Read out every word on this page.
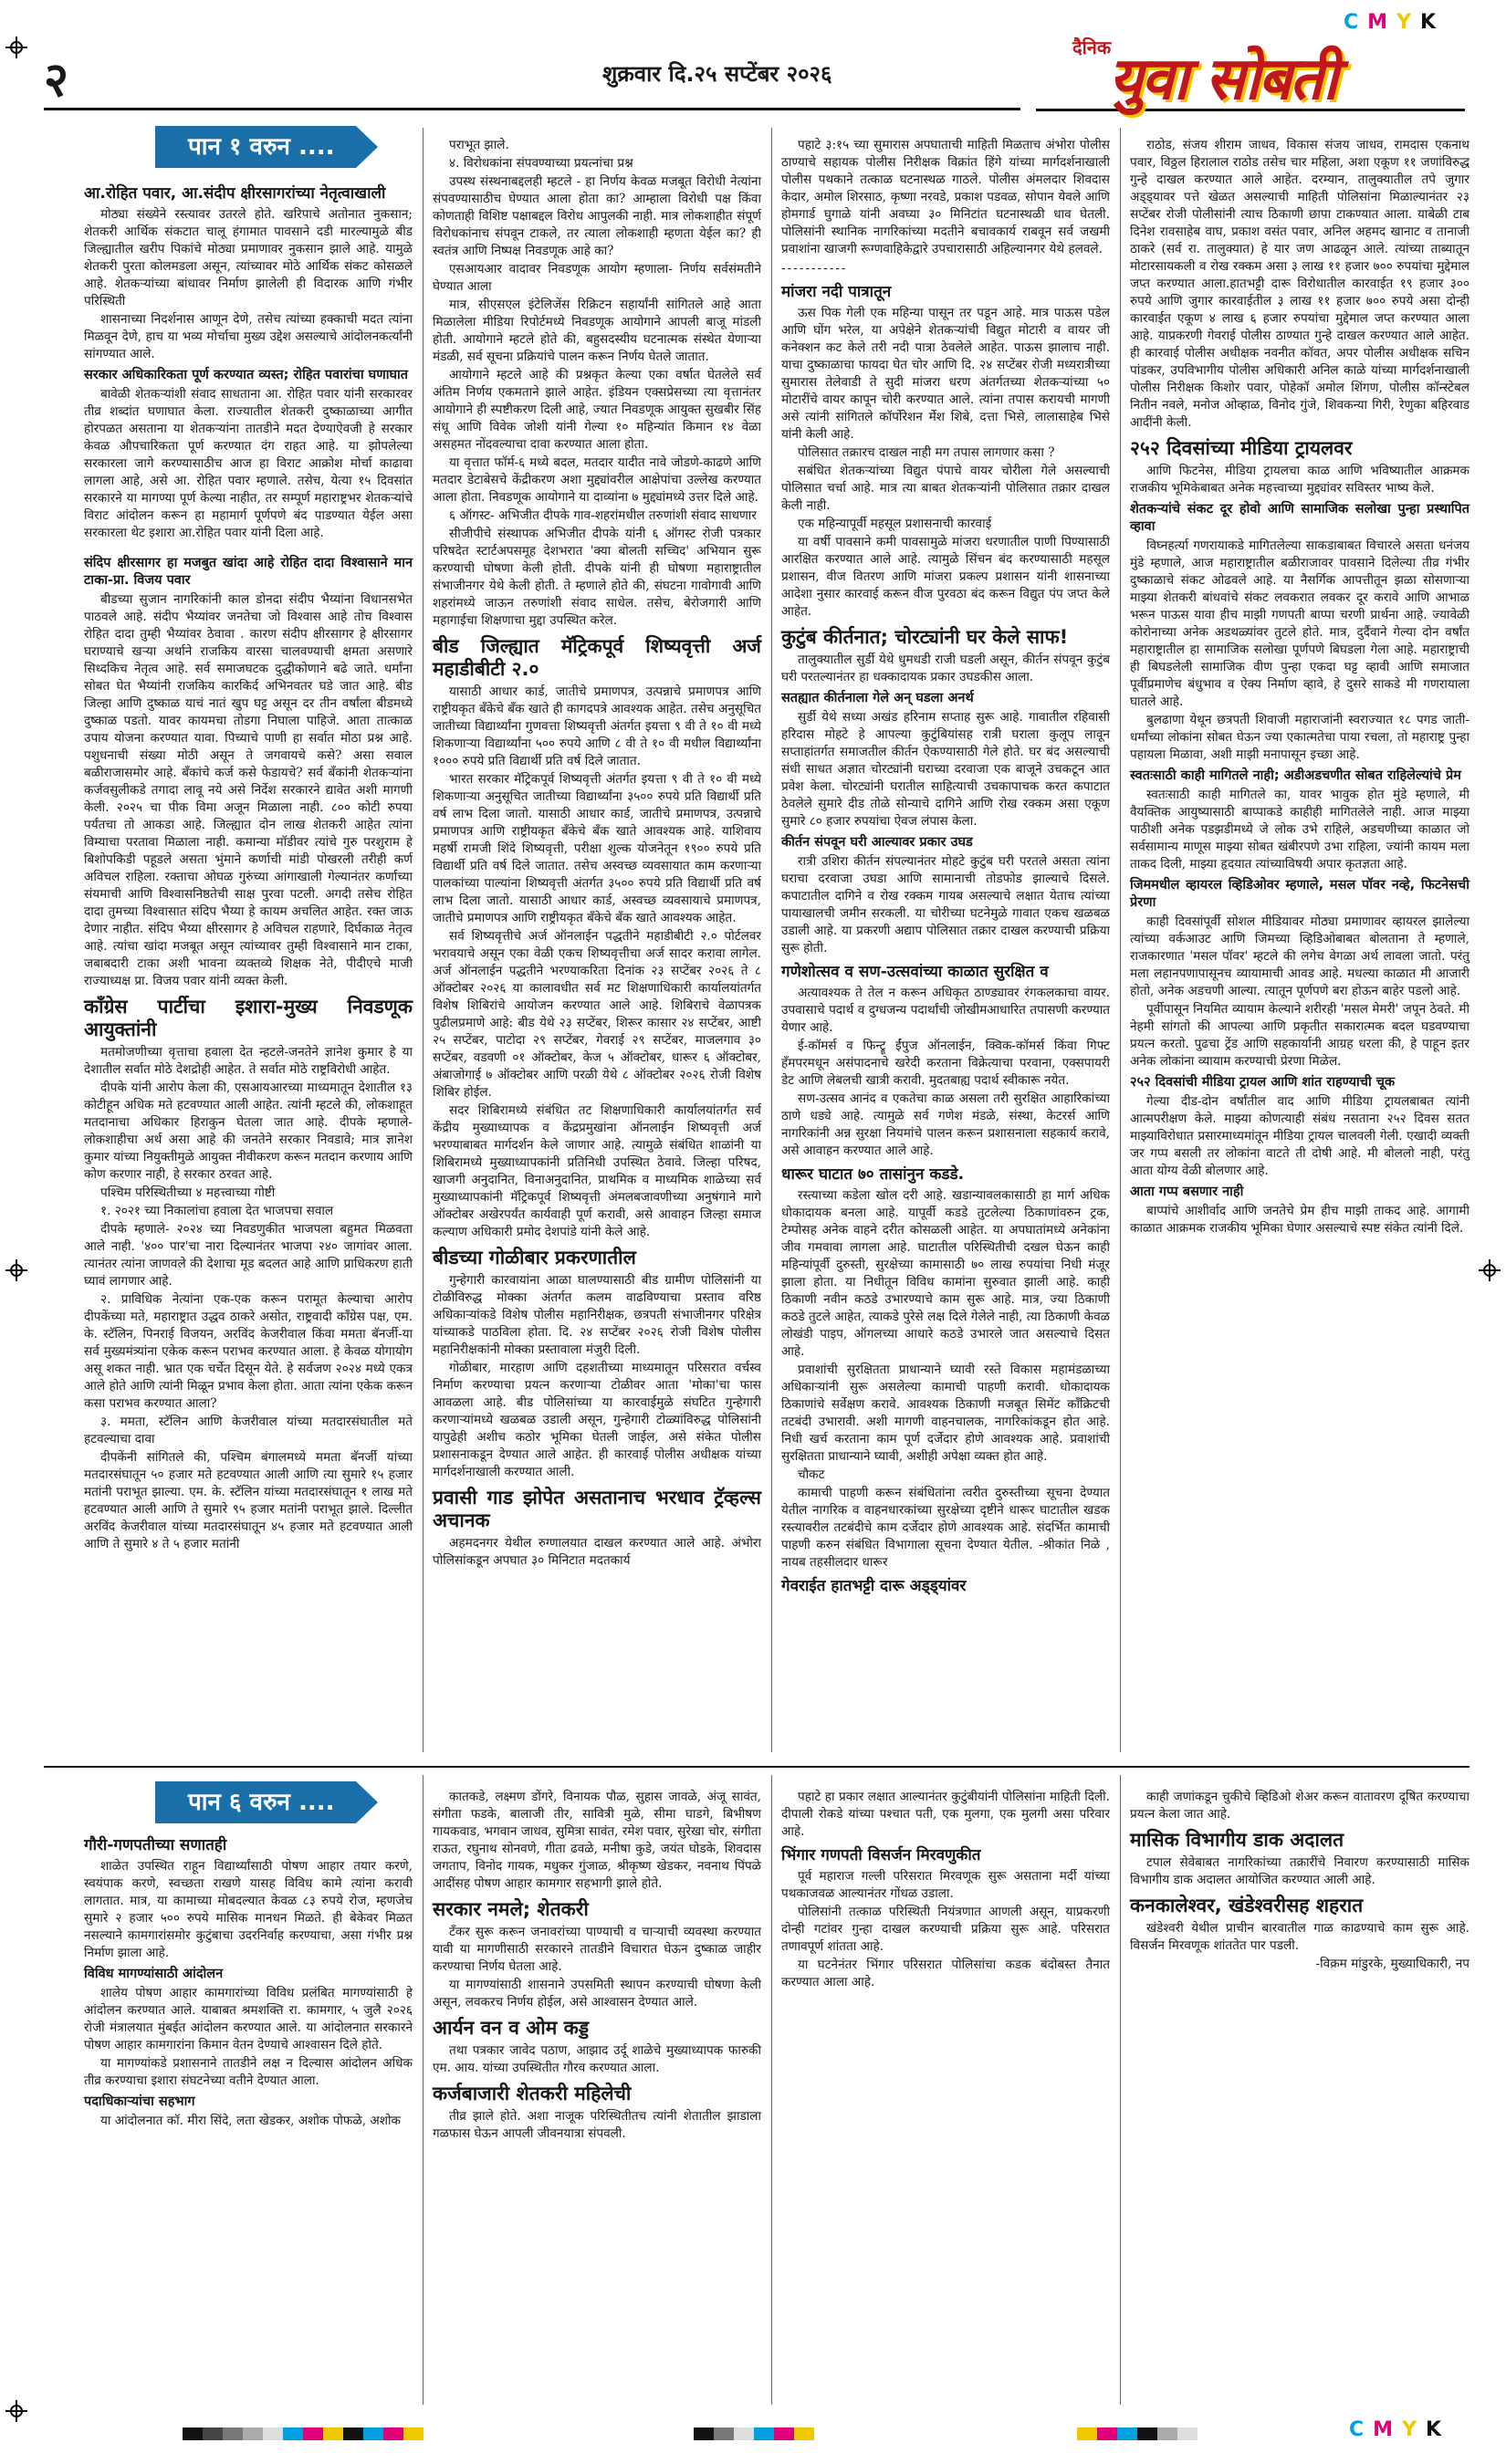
CMYK
CMYK
२	शुक्रवार दि.२५ सप्टेंबर २०२६
दैनिक
युवा सोबती
पान १ वरुन ....
आ.रोहित पवार, आ.संदीप क्षीरसागरांच्या नेतृत्वाखाली

मोठ्या संख्येने रस्त्यावर उतरले होते. खरिपाचे अतोनात नुकसान; शेतकरी आर्थिक संकटात चालू हंगामात पावसाने दडी मारल्यामुळे बीड जिल्ह्यातील खरीप पिकांचे मोठ्या प्रमाणावर नुकसान झाले आहे. यामुळे शेतकरी पुरता कोलमडला असून, त्यांच्यावर मोठे आर्थिक संकट कोसळले आहे. शेतकऱ्यांच्या बांधावर निर्माण झालेली ही विदारक आणि गंभीर परिस्थिती

शासनाच्या निदर्शनास आणून देणे, तसेच त्यांच्या हक्काची मदत त्यांना मिळवून देणे, हाच या भव्य मोर्चाचा मुख्य उद्देश असल्याचे आंदोलनकर्त्यांनी सांगण्यात आले.

सरकार अधिकारिकता पूर्ण करण्यात व्यस्त; रोहित पवारांचा घणाघात

बावेळी शेतकऱ्यांशी संवाद साधताना आ. रोहित पवार यांनी सरकारवर तीव्र शब्दांत घणाघात केला. राज्यातील शेतकरी दुष्काळाच्या आगीत होरपळत असताना या शेतकऱ्यांना तातडीने मदत देण्याऐवजी हे सरकार केवळ औपचारिकता पूर्ण करण्यात दंग राहत आहे. या झोपलेल्या सरकारला जागे करण्यासाठीच आज हा विराट आक्रोश मोर्चा काढावा लागला आहे, असे आ. रोहित पवार म्हणाले. तसेच, येत्या १५ दिवसांत सरकारने या मागण्या पूर्ण केल्या नाहीत, तर सम्पूर्ण महाराष्ट्रभर शेतकऱ्यांचे विराट आंदोलन करून हा महामार्ग पूर्णपणे बंद पाडण्यात येईल असा सरकारला थेट इशारा आ.रोहित पवार यांनी दिला आहे.

संदिप क्षीरसागर हा मजबुत खांदा आहे रोहित दादा विश्वासाने मान टाका-प्रा. विजय पवार

बीडच्या सुजान नागरिकांनी काल डोनदा संदीप भैय्यांना विधानसभेत पाठवले आहे. संदीप भैय्यांवर जनतेचा जो विश्वास आहे तोच विश्वास रोहित दादा तुम्ही भैय्यांवर ठेवावा . कारण संदीप क्षीरसागर हे क्षीरसागर घराण्याचे खऱ्या अर्थाने राजकिय वारसा चालवण्याची क्षमता असणारे सिध्दकिच नेतृत्व आहे. सर्व समाजघटक दुद्धीकोणाने बढे जाते. धर्मांना सोबत घेत भैय्यांनी राजकिय कारकिर्द अभिनवतर घडे जात आहे. बीड जिल्हा आणि दुष्काळ याचं नातं खुप घट्ट असून दर तीन वर्षांला बीडमध्ये दुष्काळ पडतो. यावर कायमचा तोडगा निघाला पाहिजे. आता तात्काळ उपाय योजना करण्यात यावा. पिच्याचे पाणी हा सर्वात मोठा प्रश्न आहे. पशुधनाची संख्या मोठी असून ते जगवायचे कसे? असा सवाल बळीराजासमोर आहे. बँकांचे कर्ज कसे फेडायचे? सर्व बँकांनी शेतकऱ्यांना कर्जवसुलीकडे तगादा लावू नये असे निर्देश सरकारने द्यावेत अशी मागणी केली. २०२५ चा पीक विमा अजून मिळाला नाही. ८०० कोटी रुपया पर्यंतचा तो आकडा आहे. जिल्ह्यात दोन लाख शेतकरी आहेत त्यांना विम्याचा परतावा मिळाला नाही. कमान्या मॉडीवर त्यांचे गुरु परशुराम हे बिशोपकिडी पहूडले असता भुंमाने कर्णाची मांडी पोखरली तरीही कर्ण अविचल राहिला. रक्ताचा ओघळ गुरुंच्या आंगाखाली गेल्यानंतर कर्णाच्या संयमाची आणि विश्वासनिष्ठतेची साक्ष पुरवा पटली. अगदी तसेच रोहित दादा तुमच्या विश्वासात संदिप भैय्या हे कायम अचलित आहेत. रक्त जाऊ देणार नाहीत. संदिप भैय्या क्षीरसागर हे अविचल राहणारे, दिर्घकाळ नेतृत्व आहे. त्यांचा खांदा मजबूत असून त्यांच्यावर तुम्ही विश्वासाने मान टाका, जबाबदारी टाका अशी भावना व्यक्तव्ये शिक्षक नेते, पीदीएचे माजी राज्याध्यक्ष प्रा. विजय पवार यांनी व्यक्त केली.

कॉंग्रेस पार्टीचा इशारा-मुख्य निवडणूक आयुक्तांनी

मतमोजणीच्या वृत्ताचा हवाला देत न्हटले-जनतेने ज्ञानेश कुमार हे या देशातील सर्वात मोठे देशद्रोही आहेत. ते सर्वात मोठे राष्ट्रविरोधी आहेत.

दीपके यांनी आरोप केला की, एसआयआरच्या माध्यमातून देशातील १३ कोटीहून अधिक मते हटवण्यात आली आहेत. त्यांनी म्हटले की, लोकशाहूत मतदानाचा अधिकार हिराकुन घेतला जात आहे. दीपके म्हणाले-लोकशाहीचा अर्थ असा आहे की जनतेने सरकार निवडावे; मात्र ज्ञानेश कुमार यांच्या नियुक्तीमुळे आयुक्त नीवीकरण करून मतदान करणाय आणि कोण करणार नाही, हे सरकार ठरवत आहे.

पश्चिम परिस्थितीच्या ४ महत्त्वाच्या गोष्टी

१. २०२१ च्या निकालांचा हवाला देत भाजपचा सवाल

दीपके म्हणाले- २०२४ च्या निवडणुकीत भाजपला बहुमत मिळवता आले नाही. '४०० पार'चा नारा दिल्यानंतर भाजपा २४० जागांवर आला. त्यानंतर त्यांना जाणवले की देशाचा मूड बदलत आहे आणि प्राधिकरण हाती घ्यावं लागणार आहे.

२. प्राविधिक नेत्यांना एक-एक करून परामूत केल्याचा आरोप दीपकेंच्या मते, महाराष्ट्रात उद्धव ठाकरे असोत, राष्ट्रवादी कॉंग्रेस पक्ष, एम. के. स्टॅलिन, पिनराई विजयन, अरविंद केजरीवाल किंवा ममता बॅनर्जी-या सर्व मुख्यमंत्र्यांना एकेक करून पराभव करण्यात आला. हे केवळ योगायोग असू शकत नाही. भ्रात एक चर्चेत दिसून येते. हे सर्वजण २०२४ मध्ये एकत्र आले होते आणि त्यांनी मिळून प्रभाव केला होता. आता त्यांना एकेक करून कसा पराभव करण्यात आला?

३. ममता, स्टॅलिन आणि केजरीवाल यांच्या मतदारसंघातील मते हटवल्याचा दावा

दीपकेंनी सांगितले की, पश्चिम बंगालमध्ये ममता बॅनर्जी यांच्या मतदारसंघातून ५० हजार मते हटवण्यात आली आणि त्या सुमारे १५ हजार मतांनी पराभूत झाल्या. एम. के. स्टॅलिन यांच्या मतदारसंघातून १ लाख मते हटवण्यात आली आणि ते सुमारे ९५ हजार मतांनी पराभूत झाले. दिल्लीत अरविंद केजरीवाल यांच्या मतदारसंघातून ४५ हजार मते हटवण्यात आली आणि ते सुमारे ४ ते ५ हजार मतांनी

पराभूत झाले.

४. विरोधकांना संपवण्याच्या प्रयत्नांचा प्रश्न

उपस्थ संस्थनाबद्दलही म्हटले - हा निर्णय केवळ मजबूत विरोधी नेत्यांना संपवण्यासाठीच घेण्यात आला होता का? आम्हाला विरोधी पक्ष किंवा कोणताही विशिष्ट पक्षाबद्दल विरोध आपुलकी नाही. मात्र लोकशाहीत संपूर्ण विरोधकांनाच संपवून टाकले, तर त्याला लोकशाही म्हणता येईल का? ही स्वतंत्र आणि निष्पक्ष निवडणूक आहे का?

एसआयआर वादावर निवडणूक आयोग म्हणाला- निर्णय सर्वसंमतीने घेण्यात आला

मात्र, सीएसएल इंटेलिजेंस रिक्रिटन सहार्यांनी सांगितले आहे आता मिळालेला मीडिया रिपोर्टमध्ये निवडणूक आयोगाने आपली बाजू मांडली होती. आयोगाने म्हटले होते की, बहुसदस्यीय घटनात्मक संस्थेत येणाऱ्या मंडळी, सर्व सूचना प्रक्रियांचे पालन करून निर्णय घेतले जातात.

आयोगाने म्हटले आहे की प्रश्नकृत केल्या एका वर्षात घेतलेले सर्व अंतिम निर्णय एकमताने झाले आहेत. इंडियन एक्सप्रेसच्या त्या वृत्तानंतर आयोगाने ही स्पष्टीकरण दिली आहे, ज्यात निवडणूक आयुक्त सुखबीर सिंह संधू आणि विवेक जोशी यांनी गेल्या १० महिन्यांत किमान १४ वेळा असहमत नोंदवल्याचा दावा करण्यात आला होता.

या वृत्तात फॉर्म-६ मध्ये बदल, मतदार यादीत नावे जोडणे-काढणे आणि मतदार डेटाबेसचे केंद्रीकरण अशा मुद्द्यांवरील आक्षेपांचा उल्लेख करण्यात आला होता. निवडणूक आयोगाने या दाव्यांना ७ मुद्द्यांमध्ये उत्तर दिले आहे.

६ ऑगस्ट- अभिजीत दीपके गाव-शहरांमधील तरुणांशी संवाद साधणार

सीजीपीचे संस्थापक अभिजीत दीपके यांनी ६ ऑगस्ट रोजी पत्रकार परिषदेत स्टार्टअपसमूह देशभरात 'क्या बोलती सच्चिद' अभियान सुरू करण्याची घोषणा केली होती. दीपके यांनी ही घोषणा महाराष्ट्रातील संभाजीनगर येथे केली होती. ते म्हणाले होते की, संघटना गावोगावी आणि शहरांमध्ये जाऊन तरुणांशी संवाद साधेल. तसेच, बेरोजगारी आणि महागाईचा शिक्षणाचा मुद्दा उपस्थित करेल.

बीड जिल्ह्यात मॅट्रिकपूर्व शिष्यवृत्ती अर्ज महाडीबीटी २.०

यासाठी आधार कार्ड, जातीचे प्रमाणपत्र, उत्पन्नाचे प्रमाणपत्र आणि राष्ट्रीयकृत बँकेचे बँक खाते ही कागदपत्रे आवश्यक आहेत. तसेच अनुसूचित जातीच्या विद्यार्थ्यांना गुणवत्ता शिष्यवृत्ती अंतर्गत इयत्ता ९ वी ते १० वी मध्ये शिकणाऱ्या विद्यार्थ्यांना ५०० रुपये आणि ८ वी ते १० वी मधील विद्यार्थ्यांना १००० रुपये प्रति विद्यार्थी प्रति वर्ष दिले जातात.

भारत सरकार मॅट्रिकपूर्व शिष्यवृत्ती अंतर्गत इयत्ता ९ वी ते १० वी मध्ये शिकणाऱ्या अनुसूचित जातीच्या विद्यार्थ्यांना ३५०० रुपये प्रति विद्यार्थी प्रति वर्ष लाभ दिला जातो. यासाठी आधार कार्ड, जातीचे प्रमाणपत्र, उत्पन्नाचे प्रमाणपत्र आणि राष्ट्रीयकृत बँकेचे बँक खाते आवश्यक आहे. याशिवाय महर्षी रामजी शिंदे शिष्यवृत्ती, परीक्षा शुल्क योजनेतून १९०० रुपये प्रति विद्यार्थी प्रति वर्ष दिले जातात. तसेच अस्वच्छ व्यवसायात काम करणाऱ्या पालकांच्या पाल्यांना शिष्यवृत्ती अंतर्गत ३५०० रुपये प्रति विद्यार्थी प्रति वर्ष लाभ दिला जातो. यासाठी आधार कार्ड, अस्वच्छ व्यवसायाचे प्रमाणपत्र, जातीचे प्रमाणपत्र आणि राष्ट्रीयकृत बँकेचे बँक खाते आवश्यक आहेत.

सर्व शिष्यवृत्तीचे अर्ज ऑनलाईन पद्धतीने महाडीबीटी २.० पोर्टलवर भरावयाचे असून एका वेळी एकच शिष्यवृत्तीचा अर्ज सादर करावा लागेल. अर्ज ऑनलाईन पद्धतीने भरण्याकरिता दिनांक २३ सप्टेंबर २०२६ ते ८ ऑक्टोबर २०२६ या कालावधीत सर्व मट शिक्षणाधिकारी कार्यालयांतर्गत विशेष शिबिरांचे आयोजन करण्यात आले आहे. शिबिराचे वेळापत्रक पुढीलप्रमाणे आहे: बीड येथे २३ सप्टेंबर, शिरूर कासार २४ सप्टेंबर, आष्टी २५ सप्टेंबर, पाटोदा २९ सप्टेंबर, गेवराई २९ सप्टेंबर, माजलगाव ३० सप्टेंबर, वडवणी ०१ ऑक्टोबर, केज ५ ऑक्टोबर, धारूर ६ ऑक्टोबर, अंबाजोगाई ७ ऑक्टोबर आणि परळी येथे ८ ऑक्टोबर २०२६ रोजी विशेष शिबिर होईल.

सदर शिबिरामध्ये संबंधित तट शिक्षणाधिकारी कार्यालयांतर्गत सर्व केंद्रीय मुख्याध्यापक व केंद्रप्रमुखांना ऑनलाईन शिष्यवृत्ती अर्ज भरण्याबाबत मार्गदर्शन केले जाणार आहे. त्यामुळे संबंधित शाळांनी या शिबिरामध्ये मुख्याध्यापकांनी प्रतिनिधी उपस्थित ठेवावे. जिल्हा परिषद, खाजगी अनुदानित, विनाअनुदानित, प्राथमिक व माध्यमिक शाळेच्या सर्व मुख्याध्यापकांनी मॅट्रिकपूर्व शिष्यवृत्ती अंमलबजावणीच्या अनुषंगाने मागे ऑक्टोबर अखेरपर्यंत कार्यवाही पूर्ण करावी, असे आवाहन जिल्हा समाज कल्याण अधिकारी प्रमोद देशपांडे यांनी केले आहे.

बीडच्या गोळीबार प्रकरणातील

गुन्हेगारी कारवायांना आळा घालण्यासाठी बीड ग्रामीण पोलिसांनी या टोळीविरुद्ध मोक्का अंतर्गत कलम वाढविण्याचा प्रस्ताव वरिष्ठ अधिकाऱ्यांकडे विशेष पोलीस महानिरीक्षक, छत्रपती संभाजीनगर परिक्षेत्र यांच्याकडे पाठविला होता. दि. २४ सप्टेंबर २०२६ रोजी विशेष पोलीस महानिरीक्षकांनी मोक्का प्रस्तावाला मंजुरी दिली.

गोळीबार, मारहाण आणि दहशतीच्या माध्यमातून परिसरात वर्चस्व निर्माण करण्याचा प्रयत्न करणाऱ्या टोळीवर आता 'मोका'चा फास आवळला आहे. बीड पोलिसांच्या या कारवाईमुळे संघटित गुन्हेगारी करणाऱ्यांमध्ये खळबळ उडाली असून, गुन्हेगारी टोळ्यांविरुद्ध पोलिसांनी यापुढेही अशीच कठोर भूमिका घेतली जाईल, असे संकेत पोलीस प्रशासनाकडून देण्यात आले आहेत. ही कारवाई पोलीस अधीक्षक यांच्या मार्गदर्शनाखाली करण्यात आली.

प्रवासी गाड झोपेत असतानाच भरधाव ट्रॅव्हल्स अचानक

अहमदनगर येथील रुग्णालयात दाखल करण्यात आले आहे. अंभोरा पोलिसांकडून अपघात ३० मिनिटात मदतकार्य

पहाटे ३:१५ च्या सुमारास अपघाताची माहिती मिळताच अंभोरा पोलीस ठाण्याचे सहायक पोलीस निरीक्षक विक्रांत हिंगे यांच्या मार्गदर्शनाखाली पोलीस पथकाने तत्काळ घटनास्थळ गाठले. पोलीस अंमलदार शिवदास केदार, अमोल शिरसाठ, कृष्णा नरवडे, प्रकाश पडवळ, सोपान येवले आणि होमगार्ड घुगाळे यांनी अवघ्या ३० मिनिटांत घटनास्थळी धाव घेतली. पोलिसांनी स्थानिक नागरिकांच्या मदतीने बचावकार्य राबवून सर्व जखमी प्रवाशांना खाजगी रूग्णवाहिकेद्वारे उपचारासाठी अहिल्यानगर येथे हलवले.

-----------
मांजरा नदी पात्रातून

ऊस पिक गेली एक महिन्या पासून तर पडून आहे. मात्र पाऊस पडेल आणि घोंग भरेल, या अपेक्षेने शेतकऱ्यांची विद्युत मोटारी व वायर जी कनेक्शन कट केले तरी नदी पात्रा ठेवलेले आहेत. पाऊस झालाच नाही. याचा दुष्काळाचा फायदा घेत चोर आणि दि. २४ सप्टेंबर रोजी मध्यरात्रीच्या सुमारास तेलेवाडी ते सुदी मांजरा धरण अंतर्गतच्या शेतकऱ्यांच्या ५० मोटारींचे वायर कापून चोरी करण्यात आले. त्यांना तपास करायची मागणी असे त्यांनी सांगितले कॉर्पोरेशन र्मेश शिबे, दत्ता भिसे, लालासाहेब भिसे यांनी केली आहे.

पोलिसात तक्रारच दाखल नाही मग तपास लागणार कसा ?

सबंधित शेतकऱ्यांच्या विद्युत पंपाचे वायर चोरीला गेले असल्याची पोलिसात चर्चा आहे. मात्र त्या बाबत शेतकऱ्यांनी पोलिसात तक्रार दाखल केली नाही.

एक महिन्यापूर्वी महसूल प्रशासनाची कारवाई

या वर्षी पावसाने कमी पावसामुळे मांजरा धरणातील पाणी पिण्यासाठी आरक्षित करण्यात आले आहे. त्यामुळे सिंचन बंद करण्यासाठी महसूल प्रशासन, वीज वितरण आणि मांजरा प्रकल्प प्रशासन यांनी शासनाच्या आदेशा नुसार कारवाई करून वीज पुरवठा बंद करून विद्युत पंप जप्त केले आहेत.

कुटुंब कीर्तनात; चोरट्यांनी घर केले साफ!

तालुक्यातील सुर्डी येथे धुमधडी राजी घडली असून, कीर्तन संपवून कुटुंब घरी परतल्यानंतर हा धक्कादायक प्रकार उघडकीस आला.

सतह्यात कीर्तनाला गेले अन् घडला अनर्थ

सुर्डी येथे सध्या अखंड हरिनाम सप्ताह सुरू आहे. गावातील रहिवासी हरिदास मोहटे हे आपल्या कुटुंबियांसह रात्री घराला कुलूप लावून सप्ताहांतर्गत समाजतील कीर्तन ऐकण्यासाठी गेले होते. घर बंद असल्याची संधी साधत अज्ञात चोरट्यांनी घराच्या दरवाजा एक बाजूने उचकटून आत प्रवेश केला. चोरट्यांनी घरातील साहित्याची उचकापाचक करत कपाटात ठेवलेले सुमारे दीड तोळे सोन्याचे दागिने आणि रोख रक्कम असा एकूण सुमारे ८० हजार रुपयांचा ऐवज लंपास केला.

कीर्तन संपवून घरी आल्यावर प्रकार उघड

रात्री उशिरा कीर्तन संपल्यानंतर मोहटे कुटुंब घरी परतले असता त्यांना घराचा दरवाजा उघडा आणि सामानाची तोडफोड झाल्याचे दिसले. कपाटातील दागिने व रोख रक्कम गायब असल्याचे लक्षात येताच त्यांच्या पायाखालची जमीन सरकली. या चोरीच्या घटनेमुळे गावात एकच खळबळ उडाली आहे. या प्रकरणी अद्याप पोलिसात तक्रार दाखल करण्याची प्रक्रिया सुरू होती.

गणेशोत्सव व सण-उत्सवांच्या काळात सुरक्षित व

अत्यावश्यक ते तेल न करून अधिकृत ठाण्ड्यावर रंगकलकाचा वायर. उपवासाचे पदार्थ व दुग्धजन्य पदार्थांची जोखीमआधारित तपासणी करण्यात येणार आहे.

ई-कॉमर्स व फिन्ट्रू ईंपुज ऑनलाईन, क्विक-कॉमर्स किंवा गिफ्ट हँमपरमधून असंपादनाचे खरेदी करताना विक्रेत्याचा परवाना, एक्सपायरी डेट आणि लेबलची खात्री करावी. मुदतबाह्य पदार्थ स्वीकारू नयेत.

सण-उत्सव आनंद व एकतेचा काळ असला तरी सुरक्षित आहारिकांच्या ठाणे धड्ये आहे. त्यामुळे सर्व गणेश मंडळे, संस्था, केटरर्स आणि नागरिकांनी अन्न सुरक्षा नियमांचे पालन करून प्रशासनाला सहकार्य करावे, असे आवाहन करण्यात आले आहे.

धारूर घाटात ७० तासांनुन कडडे.

रस्त्याच्या कडेला खोल दरी आहे. खडान्यावलकासाठी हा मार्ग अधिक धोकादायक बनला आहे. यापूर्वी कडडे तुटलेल्या ठिकाणांवरुन ट्रक, टेम्पोसह अनेक वाहने दरीत कोसळली आहेत. या अपघातांमध्ये अनेकांना जीव गमवावा लागला आहे. घाटातील परिस्थितीची दखल घेऊन काही महिन्यांपूर्वी दुरुस्ती, सुरक्षेच्या कामासाठी ७० लाख रुपयांचा निधी मंजूर झाला होता. या निधीतून विविध कामांना सुरुवात झाली आहे. काही ठिकाणी नवीन कठडे उभारण्याचे काम सुरू आहे. मात्र, ज्या ठिकाणी कठडे तुटले आहेत, त्याकडे पुरेसे लक्ष दिले गेलेले नाही, त्या ठिकाणी केवळ लोखंडी पाइप, ऑगलच्या आधारे कठडे उभारले जात असल्याचे दिसत आहे.

प्रवाशांची सुरक्षितता प्राधान्याने घ्यावी रस्ते विकास महामंडळाच्या अधिकाऱ्यांनी सुरू असलेल्या कामाची पाहणी करावी. धोकादायक ठिकाणांचे सर्वेक्षण करावे. आवश्यक ठिकाणी मजबूत सिमेंट कॉंक्रिटची तटबंदी उभारावी. अशी मागणी वाहनचालक, नागरिकांकडून होत आहे. निधी खर्च करताना काम पूर्ण दर्जेदार होणे आवश्यक आहे. प्रवाशांची सुरक्षितता प्राधान्याने घ्यावी, अशीही अपेक्षा व्यक्त होत आहे.

चौकट

कामाची पाहणी करून संबंधितांना त्वरीत दुरुस्तीच्या सूचना देण्यात येतील नागरिक व वाहनधारकांच्या सुरक्षेच्या दृष्टीने धारूर घाटातील खडक रस्त्यावरील तटबंदीचे काम दर्जेदार होणे आवश्यक आहे. संदर्भित कामाची पाहणी करुन संबंधित विभागाला सूचना देण्यात येतील. -श्रीकांत निळे , नायब तहसीलदार धारूर

गेवराईत हातभट्टी दारू अड्ड्यांवर

राठोड, संजय शीराम जाधव, विकास संजय जाधव, रामदास एकनाथ पवार, विठ्ठल हिरालाल राठोड तसेच चार महिला, अशा एकूण ११ जणांविरुद्ध गुन्हे दाखल करण्यात आले आहेत. दरम्यान, तालुक्यातील तपे जुगार अड्ड्यावर पत्ते खेळत असल्याची माहिती पोलिसांना मिळाल्यानंतर २३ सप्टेंबर रोजी पोलीसांनी त्याच ठिकाणी छापा टाकण्यात आला. याबेळी टाब दिनेश रावसाहेब वाघ, प्रकाश वसंत पवार, अनिल अहमद खानाट व तानाजी ठाकरे (सर्व रा. तालुक्यात) हे यार जण आढळून आले. त्यांच्या ताब्यातून मोटारसायकली व रोख रक्कम असा ३ लाख ११ हजार ७०० रुपयांचा मुद्देमाल जप्त करण्यात आला.हातभट्टी दारू विरोधातील कारवाईत १९ हजार ३०० रुपये आणि जुगार कारवाईतील ३ लाख ११ हजार ७०० रुपये असा दोन्ही कारवाईत एकूण ४ लाख ६ हजार रुपयांचा मुद्देमाल जप्त करण्यात आला आहे. याप्रकरणी गेवराई पोलीस ठाण्यात गुन्हे दाखल करण्यात आले आहेत. ही कारवाई पोलीस अधीक्षक नवनीत कॉवत, अपर पोलीस अधीक्षक सचिन पांडकर, उपविभागीय पोलीस अधिकारी अनिल काळे यांच्या मार्गदर्शनाखाली पोलीस निरीक्षक किशोर पवार, पोहेकॉ अमोल शिंगण, पोलीस कॉन्स्टेबल नितीन नवले, मनोज ओव्हाळ, विनोद गुंजे, शिवकन्या गिरी, रेणुका बहिरवाड आदींनी केली.

२५२ दिवसांच्या मीडिया ट्रायलवर

आणि फिटनेस, मीडिया ट्रायलचा काळ आणि भविष्यातील आक्रमक राजकीय भूमिकेबाबत अनेक महत्त्वाच्या मुद्द्यांवर सविस्तर भाष्य केले.

शेतकऱ्यांचे संकट दूर होवो आणि सामाजिक सलोखा पुन्हा प्रस्थापित व्हावा

विघ्नहर्त्या गणरायाकडे मागितलेल्या साकडाबाबत विचारले असता धनंजय मुंडे म्हणाले, आज महाराष्ट्रातील बळीराजावर पावसाने दिलेल्या तीव्र गंभीर दुष्काळाचे संकट ओढवले आहे. या नैसर्गिक आपत्तीतून झळा सोसणाऱ्या माझ्या शेतकरी बांधवांचे संकट लवकरात लवकर दूर करावे आणि आभाळ भरून पाऊस यावा हीच माझी गणपती बाप्पा चरणी प्रार्थना आहे. ज्यावेळी कोरोनाच्या अनेक अडथळ्यांवर तुटले होते. मात्र, दुर्दैवाने गेल्या दोन वर्षांत महाराष्ट्रातील हा सामाजिक सलोखा पूर्णपणे बिघडला गेला आहे. महाराष्ट्राची ही बिघडलेली सामाजिक वीण पुन्हा एकदा घट्ट व्हावी आणि समाजात पूर्वीप्रमाणेच बंधुभाव व ऐक्य निर्माण व्हावे, हे दुसरे साकडे मी गणरायाला घातले आहे.

बुलढाणा येथून छत्रपती शिवाजी महाराजांनी स्वराज्यात १८ पगड जाती-धर्मांच्या लोकांना सोबत घेऊन ज्या एकात्मतेचा पाया रचला, तो महाराष्ट्र पुन्हा पहायला मिळावा, अशी माझी मनापासून इच्छा आहे.

स्वतःसाठी काही मागितले नाही; अडीअडचणीत सोबत राहिलेल्यांचे प्रेम

स्वतःसाठी काही मागितले का, यावर भावुक होत मुंडे म्हणाले, मी वैयक्तिक आयुष्यासाठी बाप्पाकडे काहीही मागितलेले नाही. आज माझ्या पाठीशी अनेक पडझडीमध्ये जे लोक उभे राहिले, अडचणीच्या काळात जो सर्वसामान्य माणूस माझ्या सोबत खंबीरपणे उभा राहिला, ज्यांनी कायम मला ताकद दिली, माझ्या हृदयात त्यांच्याविषयी अपार कृतज्ञता आहे.

जिममधील व्हायरल व्हिडिओवर म्हणाले, मसल पॉवर नव्हे, फिटनेसची प्रेरणा

काही दिवसांपूर्वी सोशल मीडियावर मोठ्या प्रमाणावर व्हायरल झालेल्या त्यांच्या वर्कआउट आणि जिमच्या व्हिडिओबाबत बोलताना ते म्हणाले, राजकारणात 'मसल पॉवर' म्हटले की लगेच वेगळा अर्थ लावला जातो. परंतु मला लहानपणापासूनच व्यायामाची आवड आहे. मधल्या काळात मी आजारी होतो, अनेक अडचणी आल्या. त्यातून पूर्णपणे बरा होऊन बाहेर पडलो आहे.

पूर्वीपासून नियमित व्यायाम केल्याने शरीरही 'मसल मेमरी' जपून ठेवते. मी नेहमी सांगतो की आपल्या आणि प्रकृतीत सकारात्मक बदल घडवण्याचा प्रयत्न करतो. पुढचा ट्रेंड आणि सहकार्यानी आग्रह धरला की, हे पाहून इतर अनेक लोकांना व्यायाम करण्याची प्रेरणा मिळेल.

२५२ दिवसांची मीडिया ट्रायल आणि शांत राहण्याची चूक

गेल्या दीड-दोन वर्षांतील वाद आणि मीडिया ट्रायलबाबत त्यांनी आत्मपरीक्षण केले. माझ्या कोणत्याही संबंध नसताना २५२ दिवस सतत माझ्याविरोधात प्रसारमाध्यमांतून मीडिया ट्रायल चालवली गेली. एखादी व्यक्ती जर गप्प बसली तर लोकांना वाटते ती दोषी आहे. मी बोललो नाही, परंतु आता योग्य वेळी बोलणार आहे.

आता गप्प बसणार नाही

बाप्पांचे आशीर्वाद आणि जनतेचे प्रेम हीच माझी ताकद आहे. आगामी काळात आक्रमक राजकीय भूमिका घेणार असल्याचे स्पष्ट संकेत त्यांनी दिले.

पान ६ वरुन ....
गौरी-गणपतीच्या सणातही

शाळेत उपस्थित राहून विद्यार्थ्यांसाठी पोषण आहार तयार करणे, स्वयंपाक करणे, स्वच्छता राखणे यासह विविध कामे त्यांना करावी लागतात. मात्र, या कामाच्या मोबदल्यात केवळ ८३ रुपये रोज, म्हणजेच सुमारे २ हजार ५०० रुपये मासिक मानधन मिळते. ही बेकेवर मिळत नसल्याने कामगारांसमोर कुटुंबाचा उदरनिर्वाह करण्याचा, असा गंभीर प्रश्न निर्माण झाला आहे.

विविध मागण्यांसाठी आंदोलन

शालेय पोषण आहार कामगारांच्या विविध प्रलंबित मागण्यांसाठी हे आंदोलन करण्यात आले. याबाबत श्रमशक्ति रा. कामगार, ५ जुलै २०२६ रोजी मंत्रालयात मुंबईत आंदोलन करण्यात आले. या आंदोलनात सरकारने पोषण आहार कामगारांना किमान वेतन देण्याचे आश्वासन दिले होते.

या मागण्यांकडे प्रशासनाने तातडीने लक्ष न दिल्यास आंदोलन अधिक तीव्र करण्याचा इशारा संघटनेच्या वतीने देण्यात आला.

पदाधिकाऱ्यांचा सहभाग

या आंदोलनात कॉ. मीरा सिंदे, लता खेडकर, अशोक पोफळे, अशोक

कातकडे, लक्ष्मण डोंगरे, विनायक पौळ, सुहास जावळे, अंजू सावंत, संगीता फडके, बालाजी तीर, सावित्री मुळे, सीमा घाडगे, बिभीषण गायकवाड, भगवान जाधव, सुमित्रा सावंत, रमेश पवार, सुरेखा चोर, संगीता राऊत, रघुनाथ सोनवणे, गीता ढवळे, मनीषा कुडे, जयंत घोडके, शिवदास जगताप, विनोद गायक, मधुकर गुंजाळ, श्रीकृष्ण खेडकर, नवनाथ पिंपळे आदींसह पोषण आहार कामगार सहभागी झाले होते.

सरकार नमले; शेतकरी

टॅंकर सुरू करून जनावरांच्या पाण्याची व चाऱ्याची व्यवस्था करण्यात यावी या मागणीसाठी सरकारने तातडीने विचारात घेऊन दुष्काळ जाहीर करण्याचा निर्णय घेतला आहे.

या मागण्यांसाठी शासनाने उपसमिती स्थापन करण्याची घोषणा केली असून, लवकरच निर्णय होईल, असे आश्वासन देण्यात आले.

आर्यन वन व ओम कड्ड

तथा पत्रकार जावेद पठाण, आझाद उर्दू शाळेचे मुख्याध्यापक फारुकी एम. आय. यांच्या उपस्थितीत गौरव करण्यात आला.

कर्जबाजारी शेतकरी महिलेची

तीव्र झाले होते. अशा नाजूक परिस्थितीतच त्यांनी शेतातील झाडाला गळफास घेऊन आपली जीवनयात्रा संपवली.

पहाटे हा प्रकार लक्षात आल्यानंतर कुटुंबीयांनी पोलिसांना माहिती दिली. दीपाली रोकडे यांच्या पश्चात पती, एक मुलगा, एक मुलगी असा परिवार आहे.

भिंगार गणपती विसर्जन मिरवणुकीत

पूर्व महाराज गल्ली परिसरात मिरवणूक सुरू असताना मर्दी यांच्या पथकाजवळ आल्यानंतर गोंधळ उडाला.

पोलिसांनी तत्काळ परिस्थिती नियंत्रणात आणली असून, याप्रकरणी दोन्ही गटांवर गुन्हा दाखल करण्याची प्रक्रिया सुरू आहे. परिसरात तणावपूर्ण शांतता आहे.

या घटनेनंतर भिंगार परिसरात पोलिसांचा कडक बंदोबस्त तैनात करण्यात आला आहे.

काही जणांकडून चुकीचे व्हिडिओ शेअर करून वातावरण दूषित करण्याचा प्रयत्न केला जात आहे.

मासिक विभागीय डाक अदालत

टपाल सेवेबाबत नागरिकांच्या तक्रारींचे निवारण करण्यासाठी मासिक विभागीय डाक अदालत आयोजित करण्यात आली आहे.

कनकालेश्वर, खंडेश्वरीसह शहरात

खंडेश्वरी येथील प्राचीन बारवातील गाळ काढण्याचे काम सुरू आहे. विसर्जन मिरवणूक शांततेत पार पडली.

-विक्रम मांडुरके, मुख्याधिकारी, नप
